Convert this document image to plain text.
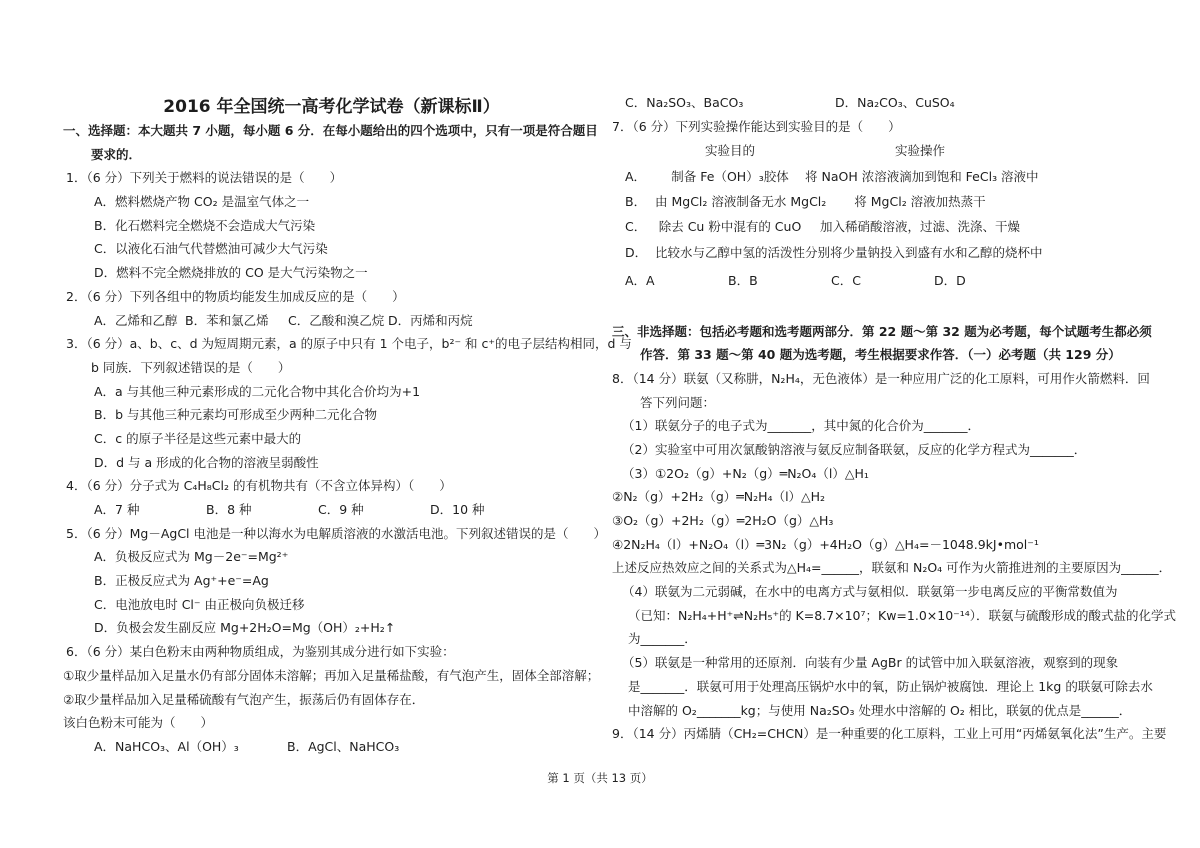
2016 年全国统一高考化学试卷（新课标Ⅱ）
一、选择题：本大题共 7 小题，每小题 6 分．在每小题给出的四个选项中，只有一项是符合题目
要求的．
1．（6 分）下列关于燃料的说法错误的是（　　）
A．燃料燃烧产物 CO₂ 是温室气体之一
B．化石燃料完全燃烧不会造成大气污染
C．以液化石油气代替燃油可减少大气污染
D．燃料不完全燃烧排放的 CO 是大气污染物之一
2．（6 分）下列各组中的物质均能发生加成反应的是（　　）
A．乙烯和乙醇 B．苯和氯乙烯 C．乙酸和溴乙烷 D．丙烯和丙烷
3．（6 分）a、b、c、d 为短周期元素，a 的原子中只有 1 个电子，b²⁻ 和 c⁺的电子层结构相同，d 与
b 同族．下列叙述错误的是（　　）
A．a 与其他三种元素形成的二元化合物中其化合价均为+1
B．b 与其他三种元素均可形成至少两种二元化合物
C．c 的原子半径是这些元素中最大的
D．d 与 a 形成的化合物的溶液呈弱酸性
4．（6 分）分子式为 C₄H₈Cl₂ 的有机物共有（不含立体异构）（　　）
A．7 种	B．8 种	C．9 种	D．10 种
5．（6 分）Mg－AgCl 电池是一种以海水为电解质溶液的水激活电池。下列叙述错误的是（　　）
A．负极反应式为 Mg－2e⁻=Mg²⁺
B．正极反应式为 Ag⁺+e⁻=Ag
C．电池放电时 Cl⁻ 由正极向负极迁移
D．负极会发生副反应 Mg+2H₂O=Mg（OH）₂+H₂↑
6．（6 分）某白色粉末由两种物质组成，为鉴别其成分进行如下实验：
①取少量样品加入足量水仍有部分固体未溶解；再加入足量稀盐酸，有气泡产生，固体全部溶解；
②取少量样品加入足量稀硫酸有气泡产生，振荡后仍有固体存在．
该白色粉末可能为（　　）
A．NaHCO₃、Al（OH）₃	B．AgCl、NaHCO₃
C．Na₂SO₃、BaCO₃	D．Na₂CO₃、CuSO₄
7．（6 分）下列实验操作能达到实验目的是（　　）
实验目的	实验操作
A．	制备 Fe（OH）₃胶体	将 NaOH 浓溶液滴加到饱和 FeCl₃ 溶液中
B． 由 MgCl₂ 溶液制备无水 MgCl₂	将 MgCl₂ 溶液加热蒸干
C． 除去 Cu 粉中混有的 CuO	加入稀硝酸溶液，过滤、洗涤、干燥
D． 比较水与乙醇中氢的活泼性 分别将少量钠投入到盛有水和乙醇的烧杯中
A．A	B．B	C．C	D．D
三、非选择题：包括必考题和选考题两部分．第 22 题～第 32 题为必考题，每个试题考生都必须
作答．第 33 题～第 40 题为选考题，考生根据要求作答．（一）必考题（共 129 分）
8．（14 分）联氨（又称肼，N₂H₄，无色液体）是一种应用广泛的化工原料，可用作火箭燃料．回
答下列问题：
（1）联氨分子的电子式为_______，其中氮的化合价为_______．
（2）实验室中可用次氯酸钠溶液与氨反应制备联氨，反应的化学方程式为_______．
（3）①2O₂（g）+N₂（g）═N₂O₄（l）△H₁
②N₂（g）+2H₂（g）═N₂H₄（l）△H₂
③O₂（g）+2H₂（g）═2H₂O（g）△H₃
④2N₂H₄（l）+N₂O₄（l）═3N₂（g）+4H₂O（g）△H₄=－1048.9kJ•mol⁻¹
上述反应热效应之间的关系式为△H₄=______，联氨和 N₂O₄ 可作为火箭推进剂的主要原因为______．
（4）联氨为二元弱碱，在水中的电离方式与氨相似．联氨第一步电离反应的平衡常数值为
（已知：N₂H₄+H⁺⇌N₂H₅⁺的 K=8.7×10⁷；Kw=1.0×10⁻¹⁴）．联氨与硫酸形成的酸式盐的化学式
为_______．
（5）联氨是一种常用的还原剂．向装有少量 AgBr 的试管中加入联氨溶液，观察到的现象
是_______．联氨可用于处理高压锅炉水中的氧，防止锅炉被腐蚀．理论上 1kg 的联氨可除去水
中溶解的 O₂_______kg；与使用 Na₂SO₃ 处理水中溶解的 O₂ 相比，联氨的优点是______．
9．（14 分）丙烯腈（CH₂=CHCN）是一种重要的化工原料，工业上可用“丙烯氨氧化法”生产。主要
第 1 页（共 13 页）
